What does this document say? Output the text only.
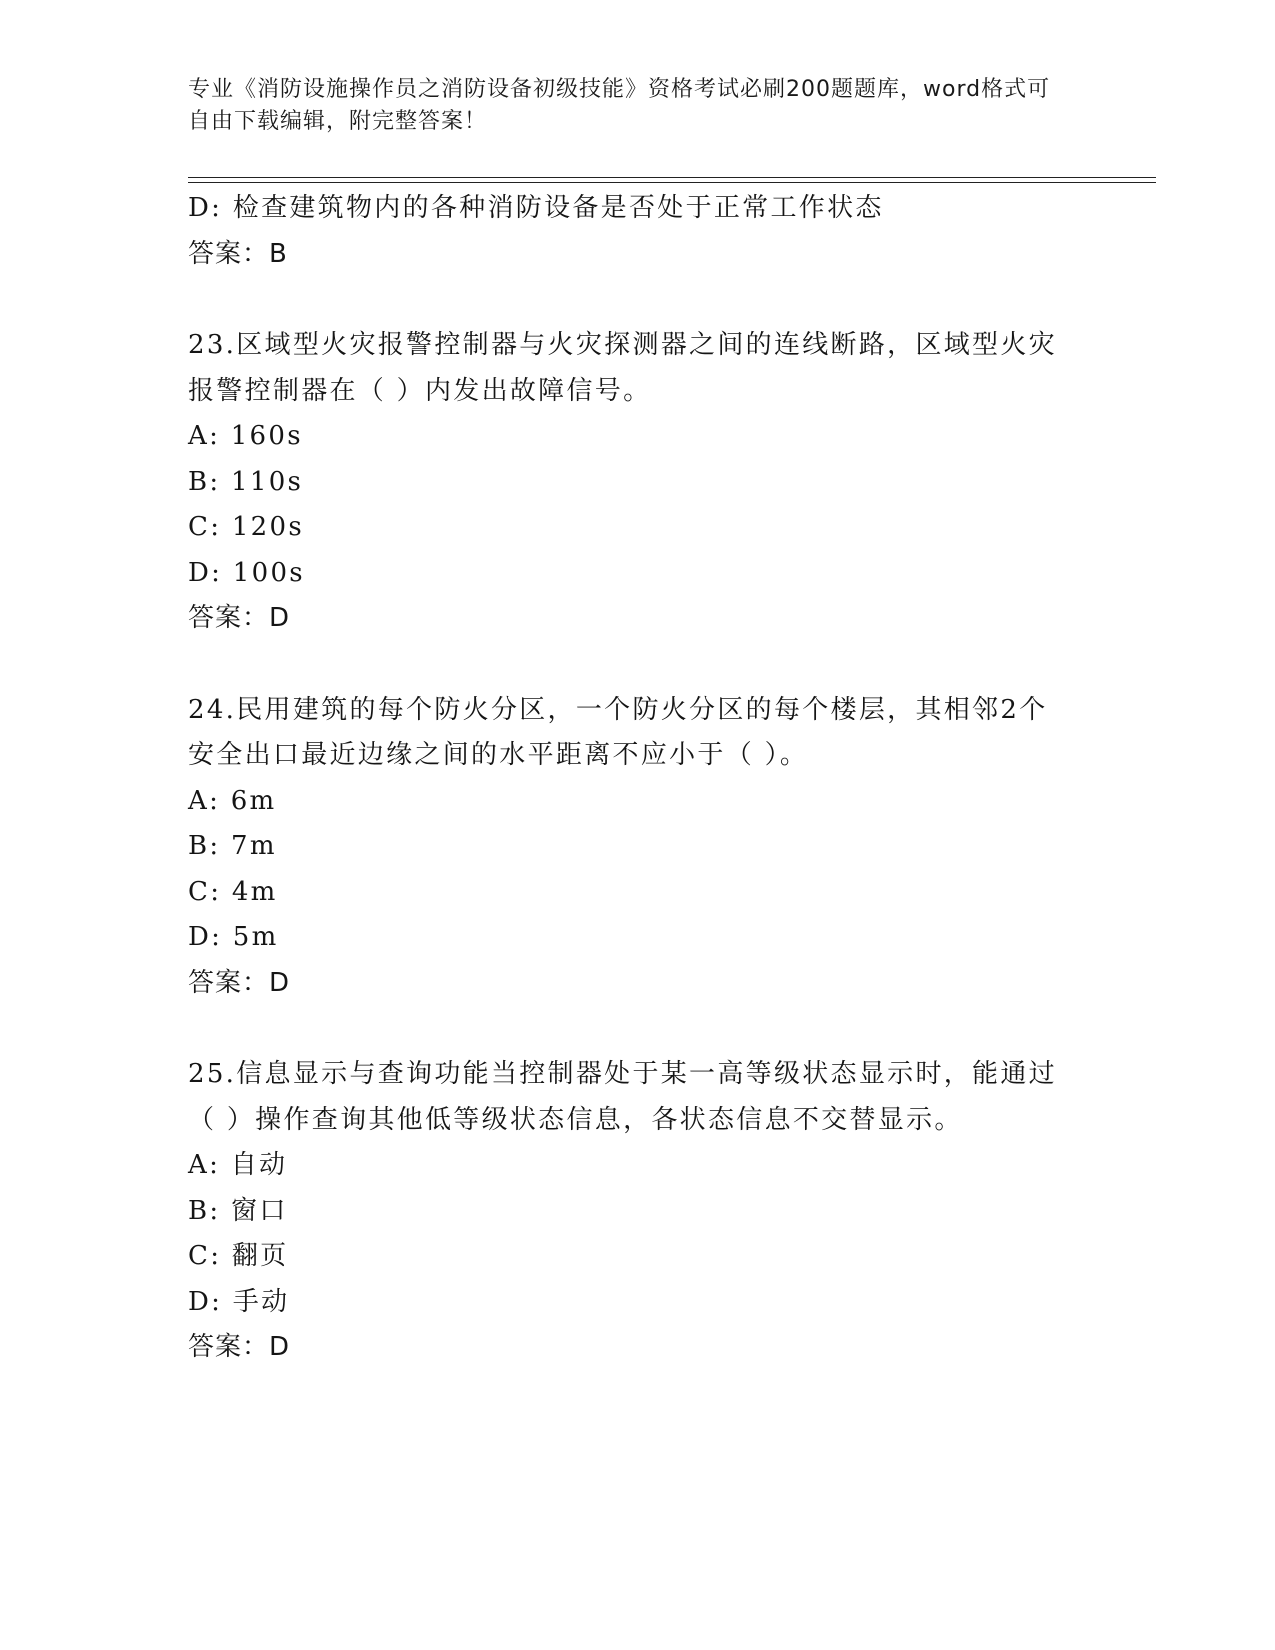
专业《消防设施操作员之消防设备初级技能》资格考试必刷200题题库，word格式可自由下载编辑，附完整答案！
D: 检查建筑物内的各种消防设备是否处于正常工作状态
答案：B
23.区域型火灾报警控制器与火灾探测器之间的连线断路，区域型火灾
报警控制器在（ ）内发出故障信号。
A: 160s
B: 110s
C: 120s
D: 100s
答案：D
24.民用建筑的每个防火分区，一个防火分区的每个楼层，其相邻2个
安全出口最近边缘之间的水平距离不应小于（ ）。
A: 6m
B: 7m
C: 4m
D: 5m
答案：D
25.信息显示与查询功能当控制器处于某一高等级状态显示时，能通过
（ ）操作查询其他低等级状态信息，各状态信息不交替显示。
A: 自动
B: 窗口
C: 翻页
D: 手动
答案：D
